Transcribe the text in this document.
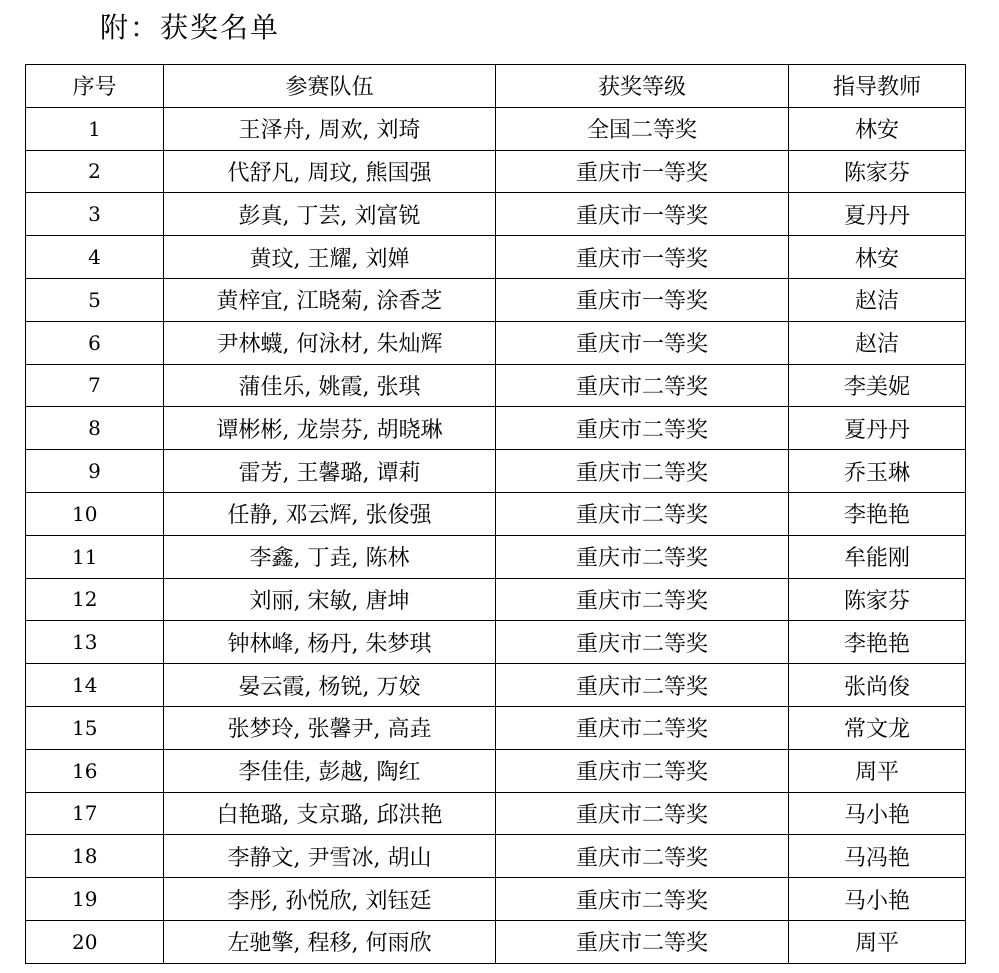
附：获奖名单
序号	参赛队伍	获奖等级	指导教师
1	王泽舟, 周欢, 刘琦	全国二等奖	林安
2	代舒凡, 周玟, 熊国强	重庆市一等奖	陈家芬
3	彭真, 丁芸, 刘富锐	重庆市一等奖	夏丹丹
4	黄玟, 王耀, 刘婵	重庆市一等奖	林安
5	黄梓宜, 江晓菊, 涂香芝	重庆市一等奖	赵洁
6	尹林蠛, 何泳材, 朱灿辉	重庆市一等奖	赵洁
7	蒲佳乐, 姚霞, 张琪	重庆市二等奖	李美妮
8	谭彬彬, 龙崇芬, 胡晓琳	重庆市二等奖	夏丹丹
9	雷芳, 王馨璐, 谭莉	重庆市二等奖	乔玉琳
10	任静, 邓云辉, 张俊强	重庆市二等奖	李艳艳
11	李鑫, 丁垚, 陈林	重庆市二等奖	牟能刚
12	刘丽, 宋敏, 唐坤	重庆市二等奖	陈家芬
13	钟林峰, 杨丹, 朱梦琪	重庆市二等奖	李艳艳
14	晏云霞, 杨锐, 万姣	重庆市二等奖	张尚俊
15	张梦玲, 张馨尹, 高垚	重庆市二等奖	常文龙
16	李佳佳, 彭越, 陶红	重庆市二等奖	周平
17	白艳璐, 支京璐, 邱洪艳	重庆市二等奖	马小艳
18	李静文, 尹雪冰, 胡山	重庆市二等奖	马冯艳
19	李彤, 孙悦欣, 刘钰廷	重庆市二等奖	马小艳
20	左驰擎, 程移, 何雨欣	重庆市二等奖	周平
